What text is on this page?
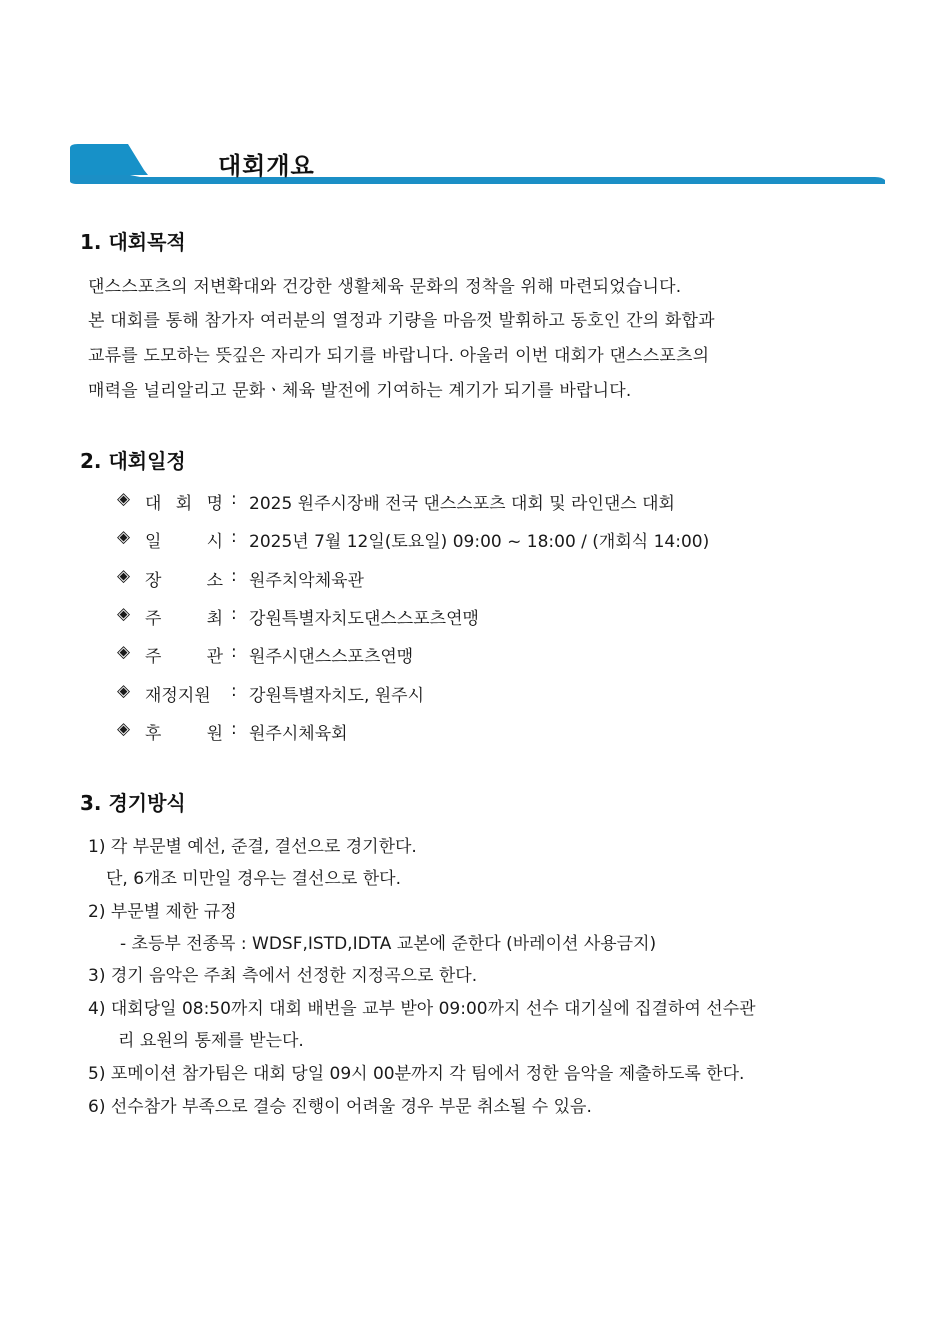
I 대회개요
1. 대회목적
댄스스포츠의 저변확대와 건강한 생활체육 문화의 정착을 위해 마련되었습니다.
본 대회를 통해 참가자 여러분의 열정과 기량을 마음껏 발휘하고 동호인 간의 화합과
교류를 도모하는 뜻깊은 자리가 되기를 바랍니다. 아울러 이번 대회가 댄스스포츠의
매력을 널리알리고 문화ㆍ체육 발전에 기여하는 계기가 되기를 바랍니다.
2. 대회일정
◈ 대 회 명 : 2025 원주시장배 전국 댄스스포츠 대회 및 라인댄스 대회
◈ 일	시 : 2025년 7월 12일(토요일) 09:00 ~ 18:00 / (개회식 14:00)
◈ 장	소 : 원주치악체육관
◈ 주	최 : 강원특별자치도댄스스포츠연맹
◈ 주	관 : 원주시댄스스포츠연맹
◈ 재정지원 : 강원특별자치도, 원주시
◈ 후	원 : 원주시체육회
3. 경기방식
1) 각 부문별 예선, 준결, 결선으로 경기한다.
단, 6개조 미만일 경우는 결선으로 한다.
2) 부문별 제한 규정
- 초등부 전종목 : WDSF,ISTD,IDTA 교본에 준한다 (바레이션 사용금지)
3) 경기 음악은 주최 측에서 선정한 지정곡으로 한다.
4) 대회당일 08:50까지 대회 배번을 교부 받아 09:00까지 선수 대기실에 집결하여 선수관
리 요원의 통제를 받는다.
5) 포메이션 참가팀은 대회 당일 09시 00분까지 각 팀에서 정한 음악을 제출하도록 한다.
6) 선수참가 부족으로 결승 진행이 어려울 경우 부문 취소될 수 있음.
